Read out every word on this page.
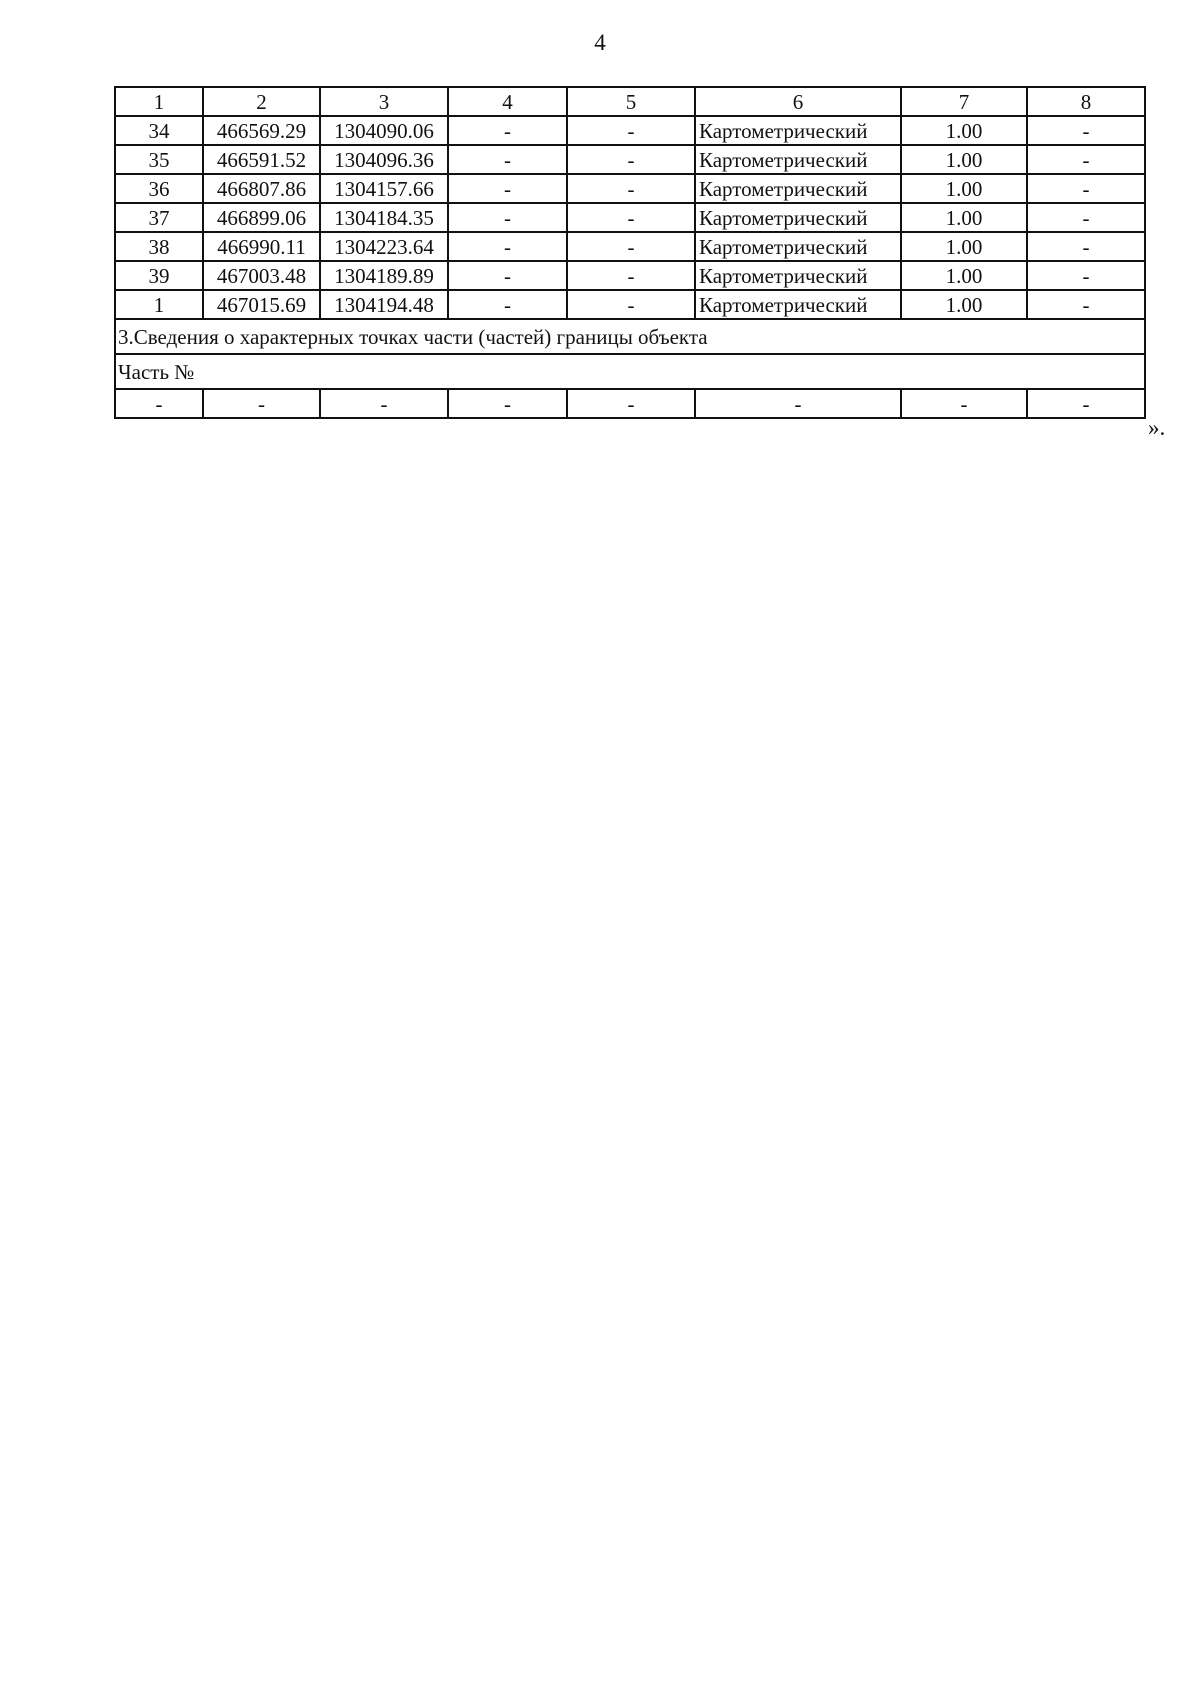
4
1	2	3	4	5	6	7	8
34	466569.29	1304090.06	-	-	Картометрический	1.00	-
35	466591.52	1304096.36	-	-	Картометрический	1.00	-
36	466807.86	1304157.66	-	-	Картометрический	1.00	-
37	466899.06	1304184.35	-	-	Картометрический	1.00	-
38	466990.11	1304223.64	-	-	Картометрический	1.00	-
39	467003.48	1304189.89	-	-	Картометрический	1.00	-
1	467015.69	1304194.48	-	-	Картометрический	1.00	-
3.Сведения о характерных точках части (частей) границы объекта							
Часть №							
-	-	-	-	-	-	-	-
».
